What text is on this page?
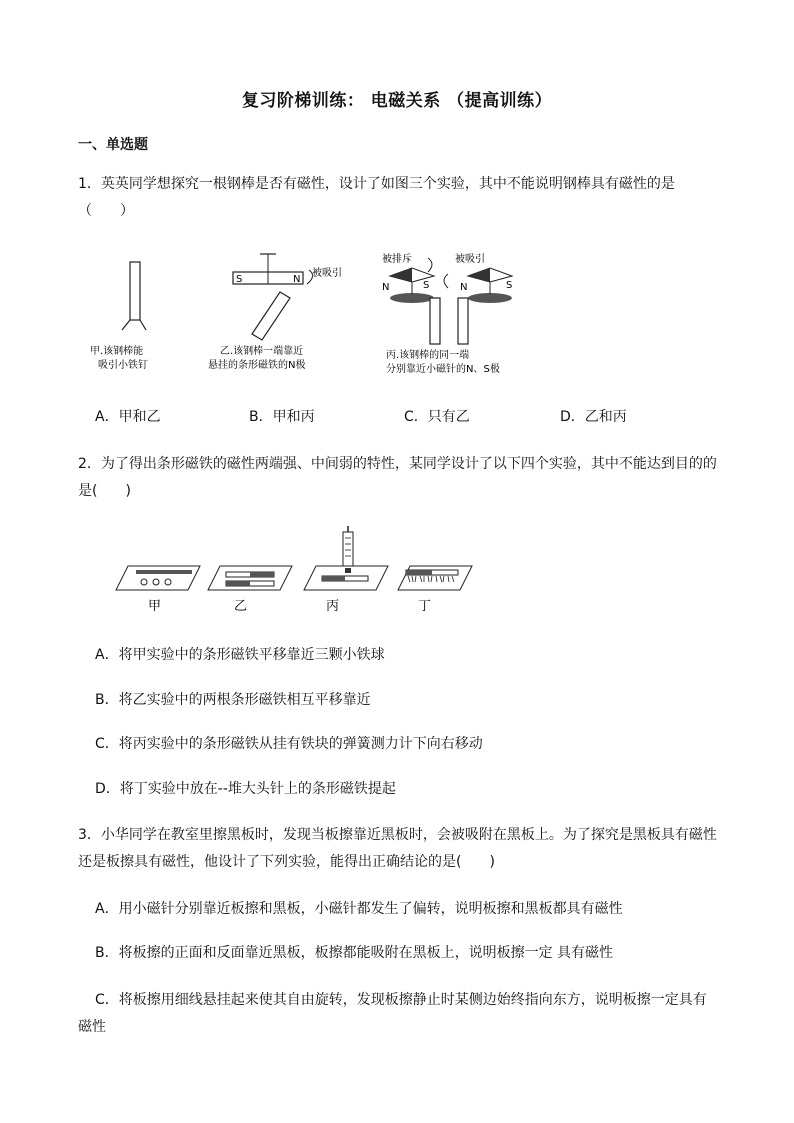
复习阶梯训练： 电磁关系 （提高训练）
一、单选题
1．英英同学想探究一根钢棒是否有磁性，设计了如图三个实验，其中不能说明钢棒具有磁性的是（　　）
甲.该钢棒能
吸引小铁钉
S	N
被吸引
乙.该钢棒一端靠近
悬挂的条形磁铁的N极
被排斥	被吸引
N	S	N	S
丙.该钢棒的同一端
分别靠近小磁针的N、S极
A．甲和乙	B．甲和丙	C．只有乙	D．乙和丙
2．为了得出条形磁铁的磁性两端强、中间弱的特性，某同学设计了以下四个实验，其中不能达到目的的是(　　)
甲	乙	丙	丁
A．将甲实验中的条形磁铁平移靠近三颗小铁球
B．将乙实验中的两根条形磁铁相互平移靠近
C．将丙实验中的条形磁铁从挂有铁块的弹簧测力计下向右移动
D．将丁实验中放在--堆大头针上的条形磁铁提起
3．小华同学在教室里擦黑板时，发现当板擦靠近黑板时，会被吸附在黑板上。为了探究是黑板具有磁性还是板擦具有磁性，他设计了下列实验，能得出正确结论的是(　　)
A．用小磁针分别靠近板擦和黑板，小磁针都发生了偏转，说明板擦和黑板都具有磁性
B．将板擦的正面和反面靠近黑板，板擦都能吸附在黑板上，说明板擦一定 具有磁性
C．将板擦用细线悬挂起来使其自由旋转，发现板擦静止时某侧边始终指向东方，说明板擦一定具有磁性
